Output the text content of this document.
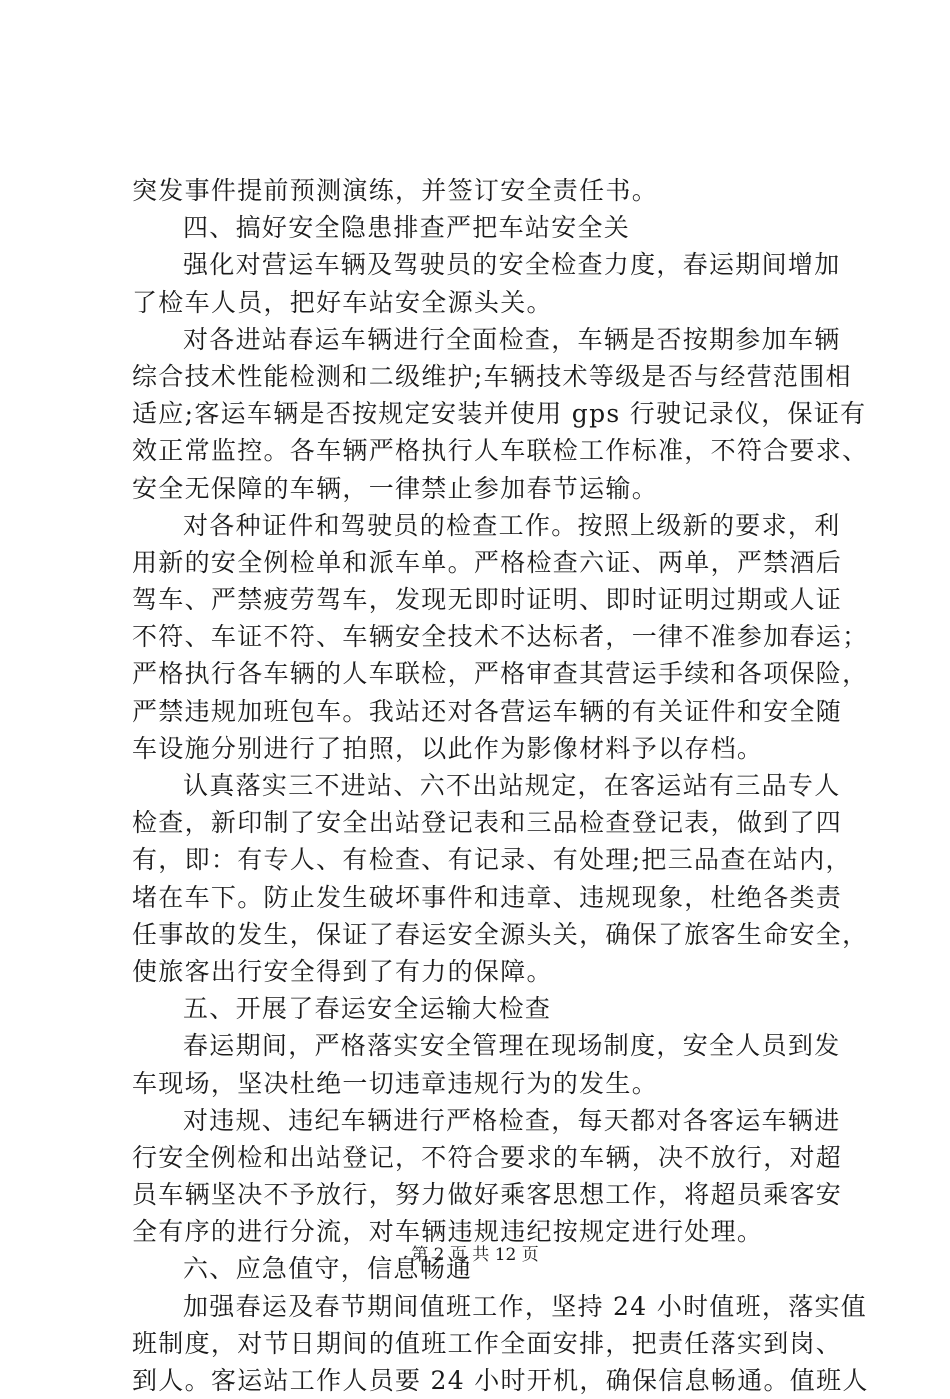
突发事件提前预测演练，并签订安全责任书。
四、搞好安全隐患排查严把车站安全关
强化对营运车辆及驾驶员的安全检查力度，春运期间增加
了检车人员，把好车站安全源头关。
对各进站春运车辆进行全面检查，车辆是否按期参加车辆
综合技术性能检测和二级维护;车辆技术等级是否与经营范围相
适应;客运车辆是否按规定安装并使用 gps 行驶记录仪，保证有
效正常监控。各车辆严格执行人车联检工作标准，不符合要求、
安全无保障的车辆，一律禁止参加春节运输。
对各种证件和驾驶员的检查工作。按照上级新的要求，利
用新的安全例检单和派车单。严格检查六证、两单，严禁酒后
驾车、严禁疲劳驾车，发现无即时证明、即时证明过期或人证
不符、车证不符、车辆安全技术不达标者，一律不准参加春运；
严格执行各车辆的人车联检，严格审查其营运手续和各项保险，
严禁违规加班包车。我站还对各营运车辆的有关证件和安全随
车设施分别进行了拍照，以此作为影像材料予以存档。
认真落实三不进站、六不出站规定，在客运站有三品专人
检查，新印制了安全出站登记表和三品检查登记表，做到了四
有，即：有专人、有检查、有记录、有处理;把三品查在站内，
堵在车下。防止发生破坏事件和违章、违规现象，杜绝各类责
任事故的发生，保证了春运安全源头关，确保了旅客生命安全，
使旅客出行安全得到了有力的保障。
五、开展了春运安全运输大检查
春运期间，严格落实安全管理在现场制度，安全人员到发
车现场，坚决杜绝一切违章违规行为的发生。
对违规、违纪车辆进行严格检查，每天都对各客运车辆进
行安全例检和出站登记，不符合要求的车辆，决不放行，对超
员车辆坚决不予放行，努力做好乘客思想工作，将超员乘客安
全有序的进行分流，对车辆违规违纪按规定进行处理。
六、应急值守，信息畅通
加强春运及春节期间值班工作，坚持 24 小时值班，落实值
班制度，对节日期间的值班工作全面安排，把责任落实到岗、
到人。客运站工作人员要 24 小时开机，确保信息畅通。值班人
第 2 页 共 12 页
